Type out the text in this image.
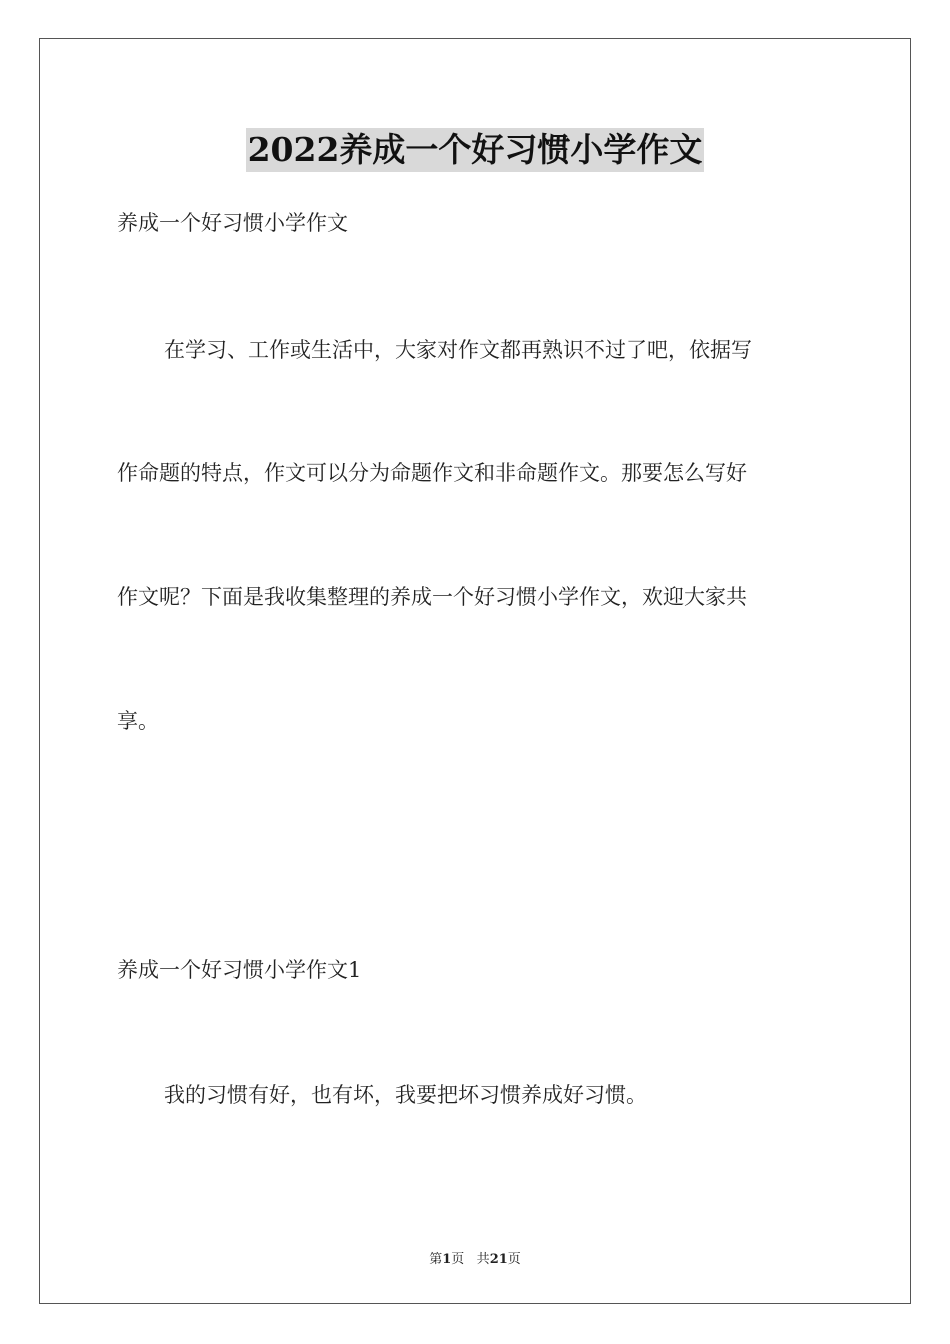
2022养成一个好习惯小学作文
养成一个好习惯小学作文
在学习、工作或生活中，大家对作文都再熟识不过了吧，依据写
作命题的特点，作文可以分为命题作文和非命题作文。那要怎么写好
作文呢？下面是我收集整理的养成一个好习惯小学作文，欢迎大家共
享。
养成一个好习惯小学作文1
我的习惯有好，也有坏，我要把坏习惯养成好习惯。
第1页 共21页
